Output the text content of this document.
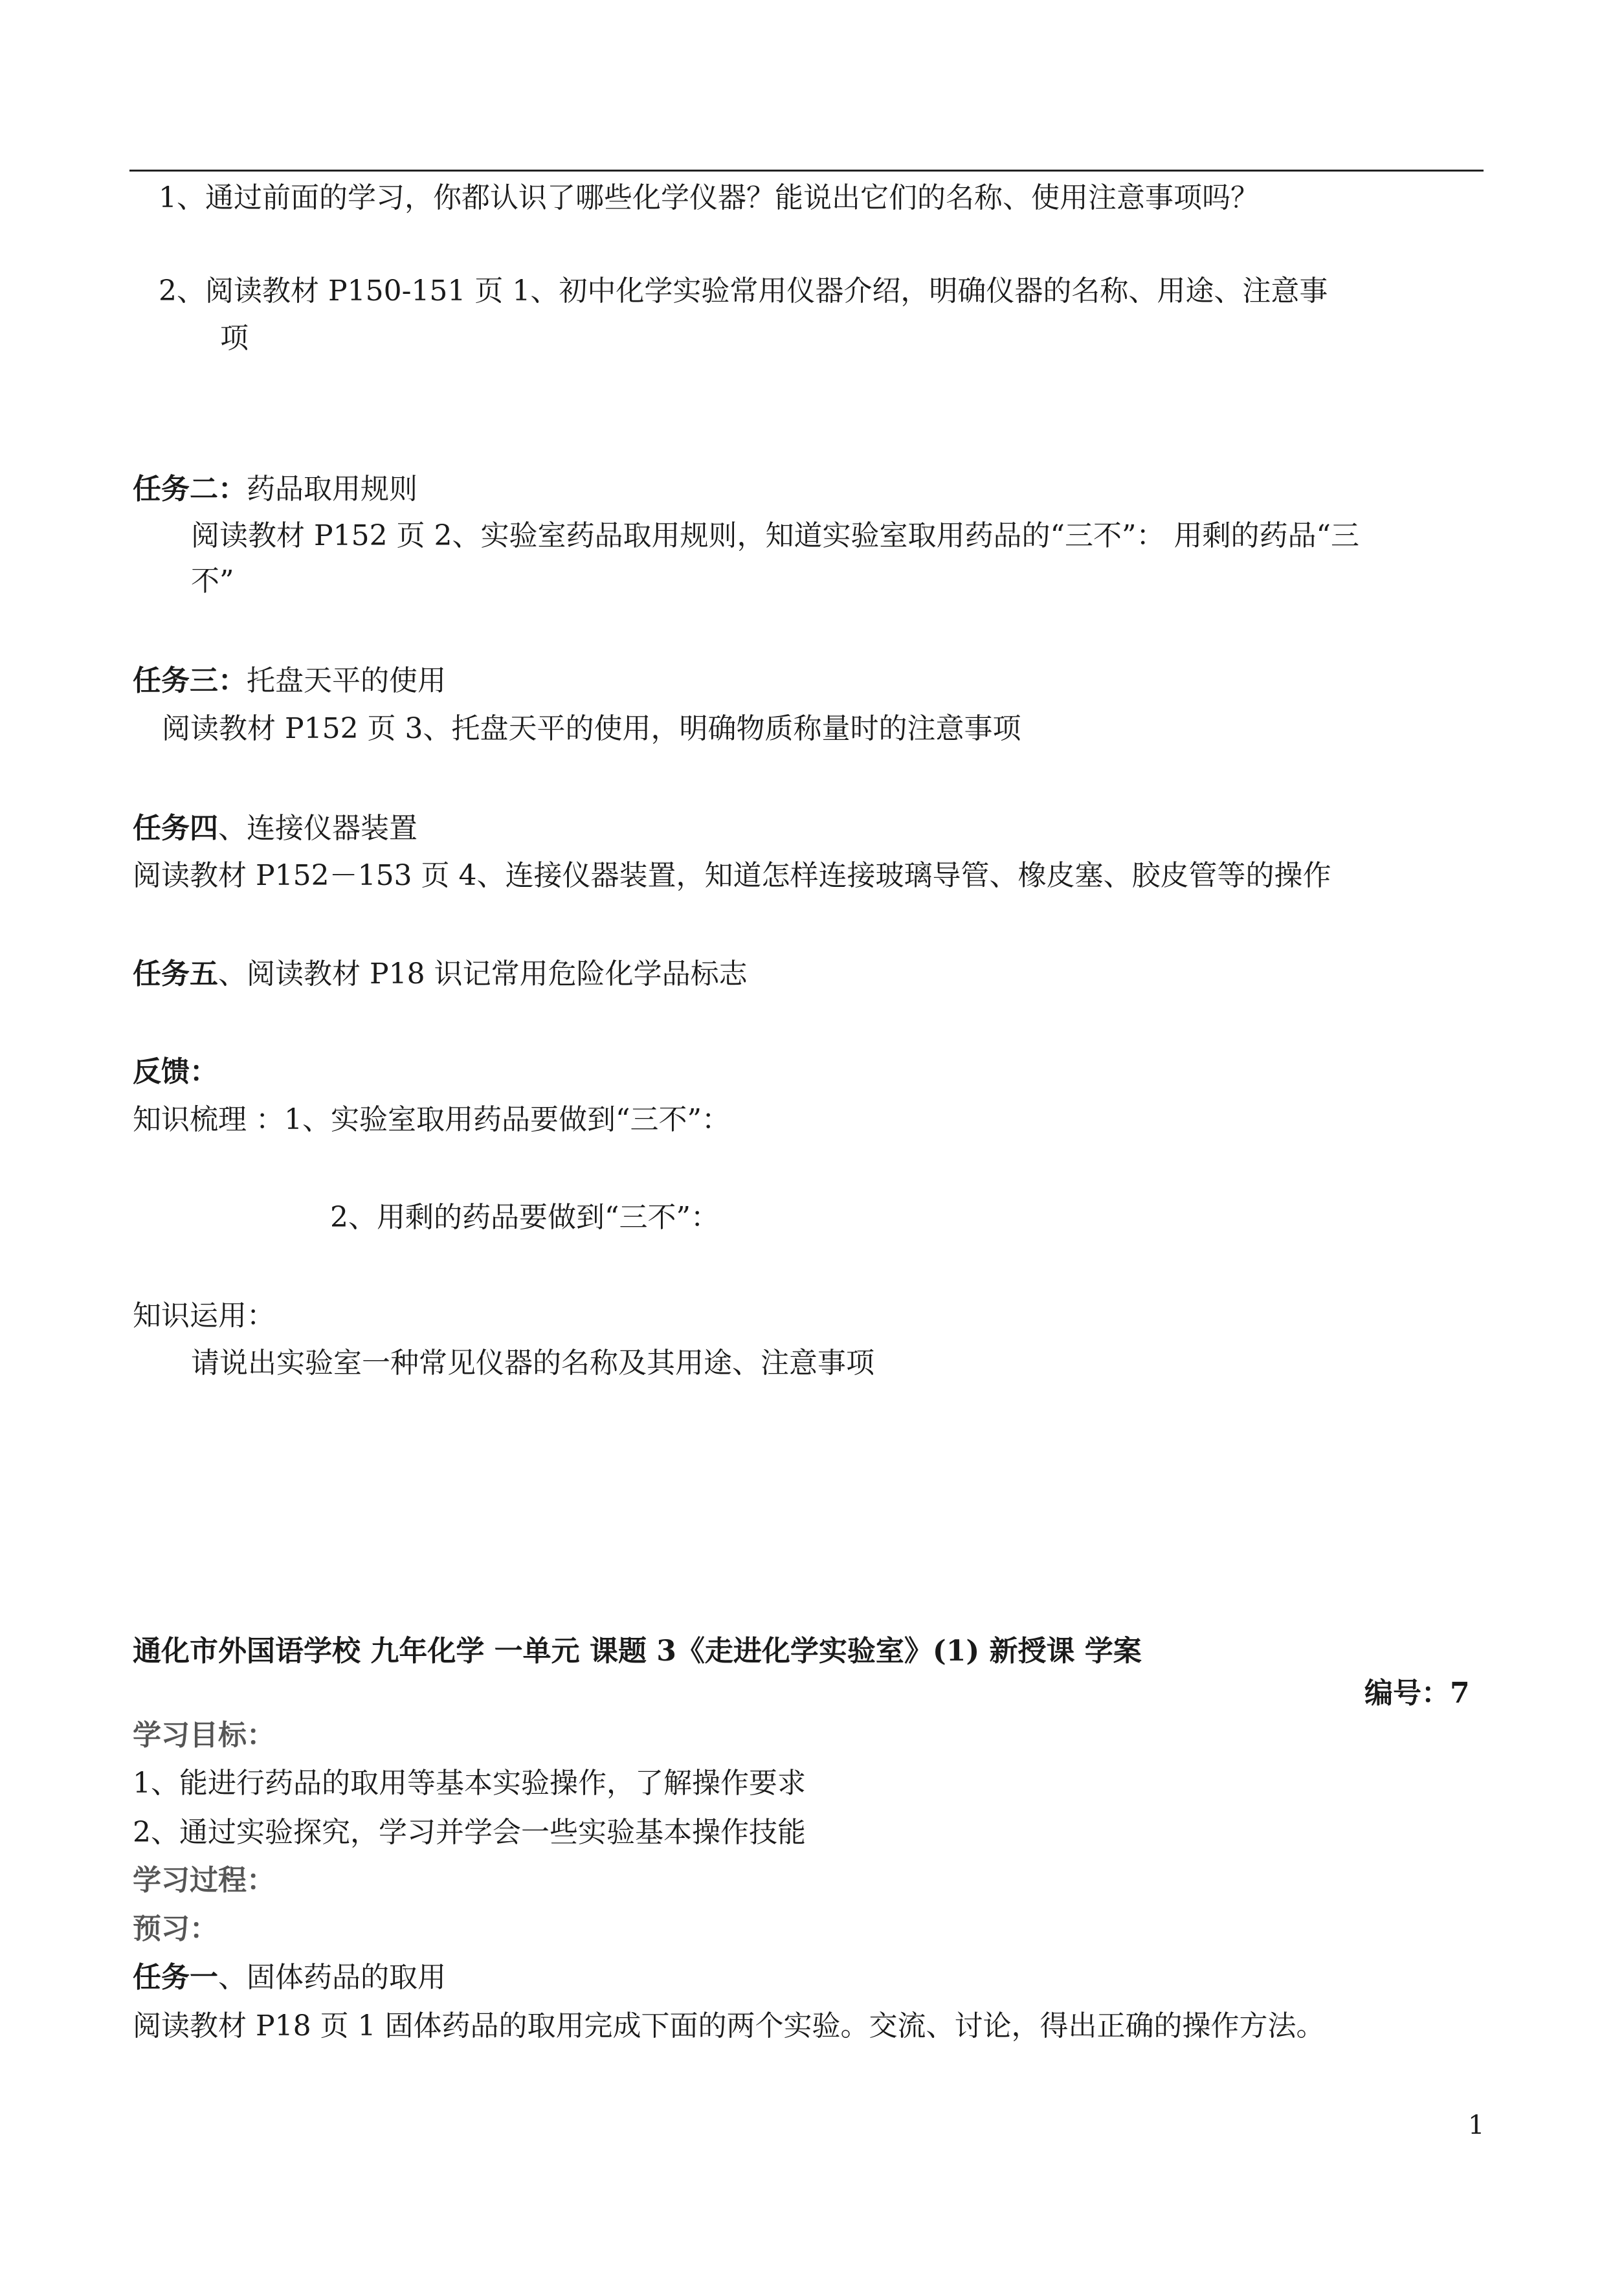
1、通过前面的学习，你都认识了哪些化学仪器？能说出它们的名称、使用注意事项吗？
2、阅读教材 P150-151 页 1、初中化学实验常用仪器介绍，明确仪器的名称、用途、注意事
项
任务二：药品取用规则
阅读教材 P152 页 2、实验室药品取用规则，知道实验室取用药品的“三不”： 用剩的药品“三
不”
任务三：托盘天平的使用
阅读教材 P152 页 3、托盘天平的使用，明确物质称量时的注意事项
任务四、连接仪器装置
阅读教材 P152－153 页 4、连接仪器装置，知道怎样连接玻璃导管、橡皮塞、胶皮管等的操作
任务五、阅读教材 P18 识记常用危险化学品标志
反馈：
知识梳理 ：1、实验室取用药品要做到“三不”：
2、用剩的药品要做到“三不”：
知识运用：
请说出实验室一种常见仪器的名称及其用途、注意事项
通化市外国语学校 九年化学 一单元 课题 3《走进化学实验室》(1) 新授课 学案
编号：7
学习目标：
1、能进行药品的取用等基本实验操作，了解操作要求
2、通过实验探究，学习并学会一些实验基本操作技能
学习过程：
预习：
任务一、固体药品的取用
阅读教材 P18 页 1 固体药品的取用完成下面的两个实验。交流、讨论，得出正确的操作方法。
1
